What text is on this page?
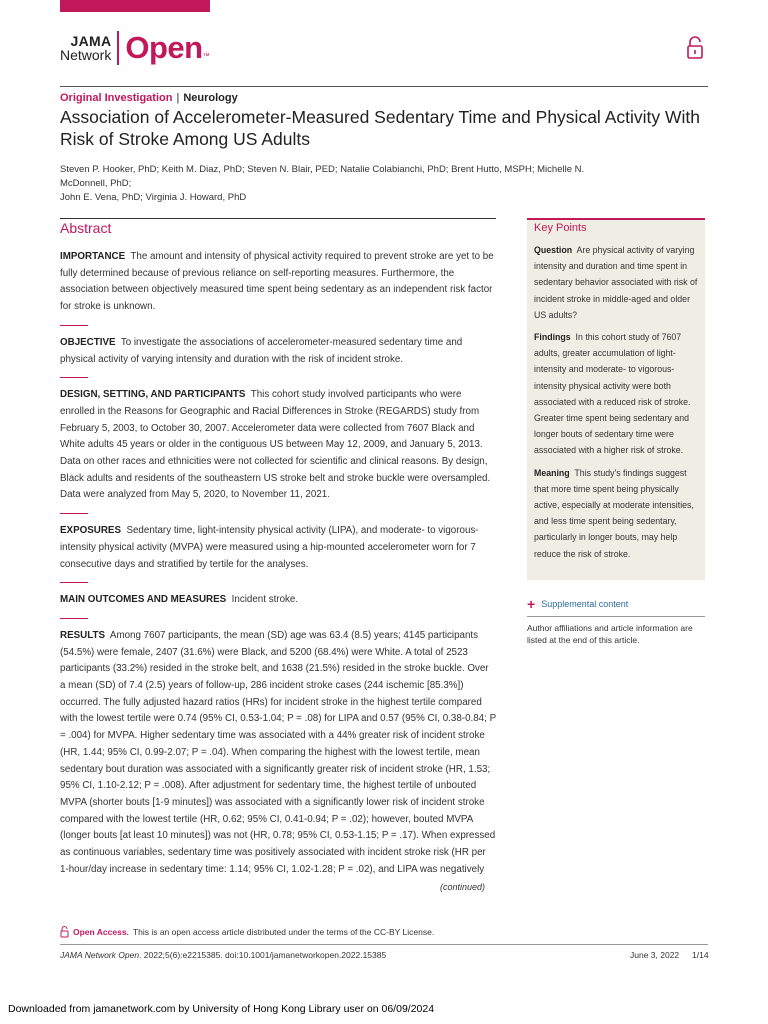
JAMA
Network Open ™
Original Investigation | Neurology
Association of Accelerometer-Measured Sedentary Time and Physical Activity With Risk of Stroke Among US Adults
Steven P. Hooker, PhD; Keith M. Diaz, PhD; Steven N. Blair, PED; Natalie Colabianchi, PhD; Brent Hutto, MSPH; Michelle N. McDonnell, PhD;
John E. Vena, PhD; Virginia J. Howard, PhD
Abstract

IMPORTANCE The amount and intensity of physical activity required to prevent stroke are yet to be fully determined because of previous reliance on self-reporting measures. Furthermore, the association between objectively measured time spent being sedentary as an independent risk factor for stroke is unknown.

OBJECTIVE To investigate the associations of accelerometer-measured sedentary time and physical activity of varying intensity and duration with the risk of incident stroke.

DESIGN, SETTING, AND PARTICIPANTS This cohort study involved participants who were enrolled in the Reasons for Geographic and Racial Differences in Stroke (REGARDS) study from February 5, 2003, to October 30, 2007. Accelerometer data were collected from 7607 Black and White adults 45 years or older in the contiguous US between May 12, 2009, and January 5, 2013. Data on other races and ethnicities were not collected for scientific and clinical reasons. By design, Black adults and residents of the southeastern US stroke belt and stroke buckle were oversampled. Data were analyzed from May 5, 2020, to November 11, 2021.

EXPOSURES Sedentary time, light-intensity physical activity (LIPA), and moderate- to vigorous-intensity physical activity (MVPA) were measured using a hip-mounted accelerometer worn for 7 consecutive days and stratified by tertile for the analyses.

MAIN OUTCOMES AND MEASURES Incident stroke.

RESULTS Among 7607 participants, the mean (SD) age was 63.4 (8.5) years; 4145 participants (54.5%) were female, 2407 (31.6%) were Black, and 5200 (68.4%) were White. A total of 2523 participants (33.2%) resided in the stroke belt, and 1638 (21.5%) resided in the stroke buckle. Over a mean (SD) of 7.4 (2.5) years of follow-up, 286 incident stroke cases (244 ischemic [85.3%]) occurred. The fully adjusted hazard ratios (HRs) for incident stroke in the highest tertile compared with the lowest tertile were 0.74 (95% CI, 0.53-1.04; P = .08) for LIPA and 0.57 (95% CI, 0.38-0.84; P = .004) for MVPA. Higher sedentary time was associated with a 44% greater risk of incident stroke (HR, 1.44; 95% CI, 0.99-2.07; P = .04). When comparing the highest with the lowest tertile, mean sedentary bout duration was associated with a significantly greater risk of incident stroke (HR, 1.53; 95% CI, 1.10-2.12; P = .008). After adjustment for sedentary time, the highest tertile of unbouted MVPA (shorter bouts [1-9 minutes]) was associated with a significantly lower risk of incident stroke compared with the lowest tertile (HR, 0.62; 95% CI, 0.41-0.94; P = .02); however, bouted MVPA (longer bouts [at least 10 minutes]) was not (HR, 0.78; 95% CI, 0.53-1.15; P = .17). When expressed as continuous variables, sedentary time was positively associated with incident stroke risk (HR per 1-hour/day increase in sedentary time: 1.14; 95% CI, 1.02-1.28; P = .02), and LIPA was negatively

(continued)
Key Points

Question Are physical activity of varying intensity and duration and time spent in sedentary behavior associated with risk of incident stroke in middle-aged and older US adults?

Findings In this cohort study of 7607 adults, greater accumulation of light-intensity and moderate- to vigorous-intensity physical activity were both associated with a reduced risk of stroke. Greater time spent being sedentary and longer bouts of sedentary time were associated with a higher risk of stroke.

Meaning This study's findings suggest that more time spent being physically active, especially at moderate intensities, and less time spent being sedentary, particularly in longer bouts, may help reduce the risk of stroke.

+ Supplemental content
Author affiliations and article information are listed at the end of this article.
Open Access. This is an open access article distributed under the terms of the CC-BY License.
JAMA Network Open. 2022;5(6):e2215385. doi:10.1001/jamanetworkopen.2022.15385	June 3, 2022 1/14
Downloaded from jamanetwork.com by University of Hong Kong Library user on 06/09/2024
